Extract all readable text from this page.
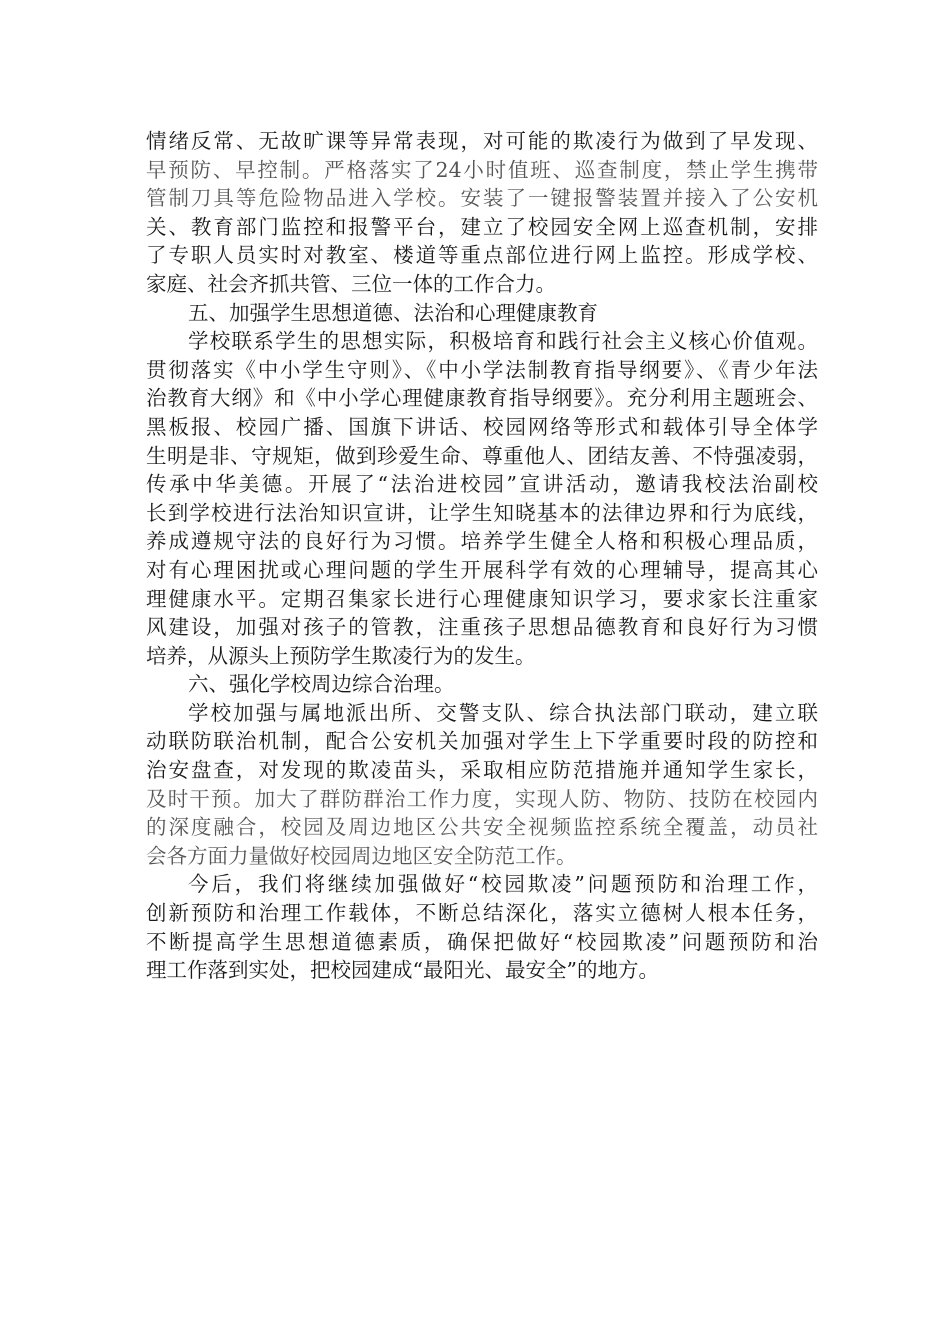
情绪反常、无故旷课等异常表现，对可能的欺凌行为做到了早发现、
早预防、早控制。严格落实了24小时值班、巡查制度，禁止学生携带
管制刀具等危险物品进入学校。安装了一键报警装置并接入了公安机
关、教育部门监控和报警平台，建立了校园安全网上巡查机制，安排
了专职人员实时对教室、楼道等重点部位进行网上监控。形成学校、
家庭、社会齐抓共管、三位一体的工作合力。
五、加强学生思想道德、法治和心理健康教育
学校联系学生的思想实际，积极培育和践行社会主义核心价值观。
贯彻落实《中小学生守则》、《中小学法制教育指导纲要》、《青少年法
治教育大纲》和《中小学心理健康教育指导纲要》。充分利用主题班会、
黑板报、校园广播、国旗下讲话、校园网络等形式和载体引导全体学
生明是非、守规矩，做到珍爱生命、尊重他人、团结友善、不恃强凌弱，
传承中华美德。开展了“法治进校园”宣讲活动，邀请我校法治副校
长到学校进行法治知识宣讲，让学生知晓基本的法律边界和行为底线，
养成遵规守法的良好行为习惯。培养学生健全人格和积极心理品质，
对有心理困扰或心理问题的学生开展科学有效的心理辅导，提高其心
理健康水平。定期召集家长进行心理健康知识学习，要求家长注重家
风建设，加强对孩子的管教，注重孩子思想品德教育和良好行为习惯
培养，从源头上预防学生欺凌行为的发生。
六、强化学校周边综合治理。
学校加强与属地派出所、交警支队、综合执法部门联动，建立联
动联防联治机制，配合公安机关加强对学生上下学重要时段的防控和
治安盘查，对发现的欺凌苗头，采取相应防范措施并通知学生家长，
及时干预。加大了群防群治工作力度，实现人防、物防、技防在校园内
的深度融合，校园及周边地区公共安全视频监控系统全覆盖，动员社
会各方面力量做好校园周边地区安全防范工作。
今后，我们将继续加强做好“校园欺凌”问题预防和治理工作，
创新预防和治理工作载体，不断总结深化，落实立德树人根本任务，
不断提高学生思想道德素质，确保把做好“校园欺凌”问题预防和治
理工作落到实处，把校园建成“最阳光、最安全”的地方。
